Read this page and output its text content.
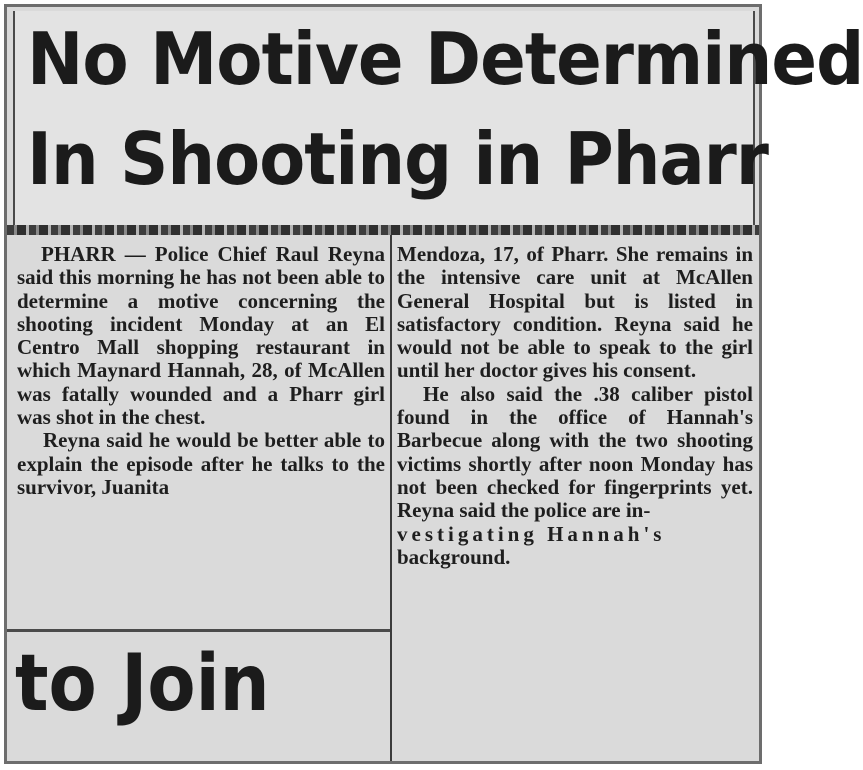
No Motive Determined
In Shooting in Pharr

PHARR — Police Chief Raul Reyna said this morning he has not been able to determine a motive concerning the shooting incident Monday at an El Centro Mall shopping restaurant in which Maynard Hannah, 28, of McAllen was fatally wounded and a Pharr girl was shot in the chest.

Reyna said he would be better able to explain the episode after he talks to the survivor, Juanita

Mendoza, 17, of Pharr. She remains in the intensive care unit at McAllen General Hospital but is listed in satisfactory condition. Reyna said he would not be able to speak to the girl until her doctor gives his consent.

He also said the .38 caliber pistol found in the office of Hannah's Barbecue along with the two shooting victims shortly after noon Monday has not been checked for fingerprints yet. Reyna said the police are in-

vestigating Hannah's

background.

to Join
